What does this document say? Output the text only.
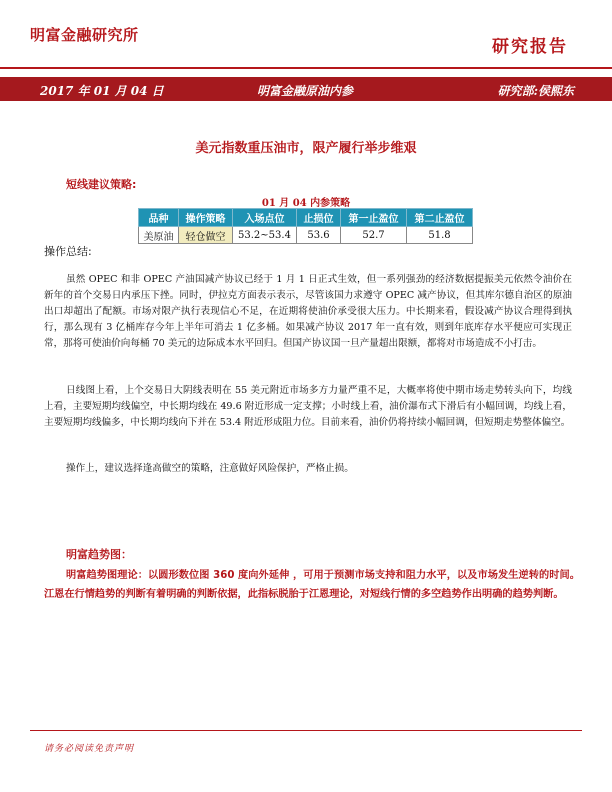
明富金融研究所
研究报告
2017 年 01 月 04 日	明富金融原油内参	研究部:侯熙东
美元指数重压油市，限产履行举步维艰
短线建议策略:
01 月 04 内参策略
品种	操作策略	入场点位	止损位	第一止盈位	第二止盈位
美原油	轻仓做空	53.2~53.4	53.6	52.7	51.8
操作总结:

虽然 OPEC 和非 OPEC 产油国减产协议已经于 1 月 1 日正式生效，但一系列强劲的经济数据提振美元依然令油价在新年的首个交易日内承压下挫。同时，伊拉克方面表示表示，尽管该国力求遵守 OPEC 减产协议，但其库尔德自治区的原油出口却超出了配额。市场对限产执行表现信心不足，在近期将使油价承受很大压力。中长期来看，假设减产协议合理得到执行，那么现有 3 亿桶库存今年上半年可消去 1 亿多桶。如果减产协议 2017 年一直有效，则到年底库存水平便应可实现正常，那将可使油价向每桶 70 美元的边际成本水平回归。但国产协议国一旦产量超出限额，都将对市场造成不小打击。

日线图上看，上个交易日大阴线表明在 55 美元附近市场多方力量严重不足，大概率将使中期市场走势转头向下，均线上看，主要短期均线偏空，中长期均线在 49.6 附近形成一定支撑；小时线上看，油价瀑布式下滑后有小幅回调，均线上看，主要短期均线偏多，中长期均线向下并在 53.4 附近形成阻力位。目前来看，油价仍将持续小幅回调，但短期走势整体偏空。

操作上，建议选择逢高做空的策略，注意做好风险保护，严格止损。

明富趋势图：

明富趋势图理论：以圆形数位图 360 度向外延伸 ，可用于预测市场支持和阻力水平，以及市场发生逆转的时间。江恩在行情趋势的判断有着明确的判断依据，此指标脱胎于江恩理论，对短线行情的多空趋势作出明确的趋势判断。

请务必阅读免责声明
